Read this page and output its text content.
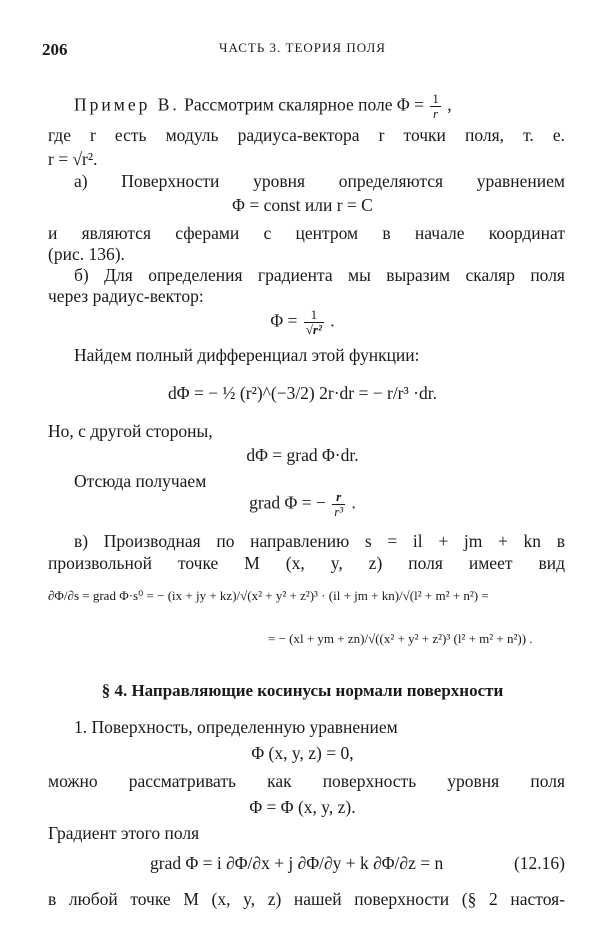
206	ЧАСТЬ 3. ТЕОРИЯ ПОЛЯ
Пример В. Рассмотрим скалярное поле $\Phi = \frac{1}{r}$ ,
где r есть модуль радиуса-вектора r точки поля, т. е.
r = √r².
а) Поверхности уровня определяются уравнением
Φ = const или r = C
и являются сферами с центром в начале координат
(рис. 136).
б) Для определения градиента мы выразим скаляр поля
через радиус-вектор:
$\Phi = \frac{1}{\text{√r²}}$ .
Найдем полный дифференциал этой функции:
dΦ = − ½ (r²)^(−3/2) 2r·dr = − r/r³ ·dr.
Но, с другой стороны,
dΦ = grad Φ·dr.
Отсюда получаем
grad Φ = − $\frac{r}{\text{r³}}$ .
в) Производная по направлению s = il + jm + kn в
произвольной точке M (x, y, z) поля имеет вид
∂Φ/∂s = grad Φ·s⁰ = − (ix + jy + kz)/√(x² + y² + z²)³ · (il + jm + kn)/√(l² + m² + n²) =
= − (xl + ym + zn)/√((x² + y² + z²)³ (l² + m² + n²)) .
§ 4. Направляющие косинусы нормали поверхности
1. Поверхность, определенную уравнением
Φ (x, y, z) = 0,
можно рассматривать как поверхность уровня поля
Φ = Φ (x, y, z).
Градиент этого поля
grad Φ = i ∂Φ/∂x + j ∂Φ/∂y + k ∂Φ/∂z = n	(12.16)
в любой точке M (x, y, z) нашей поверхности (§ 2 настоя-
